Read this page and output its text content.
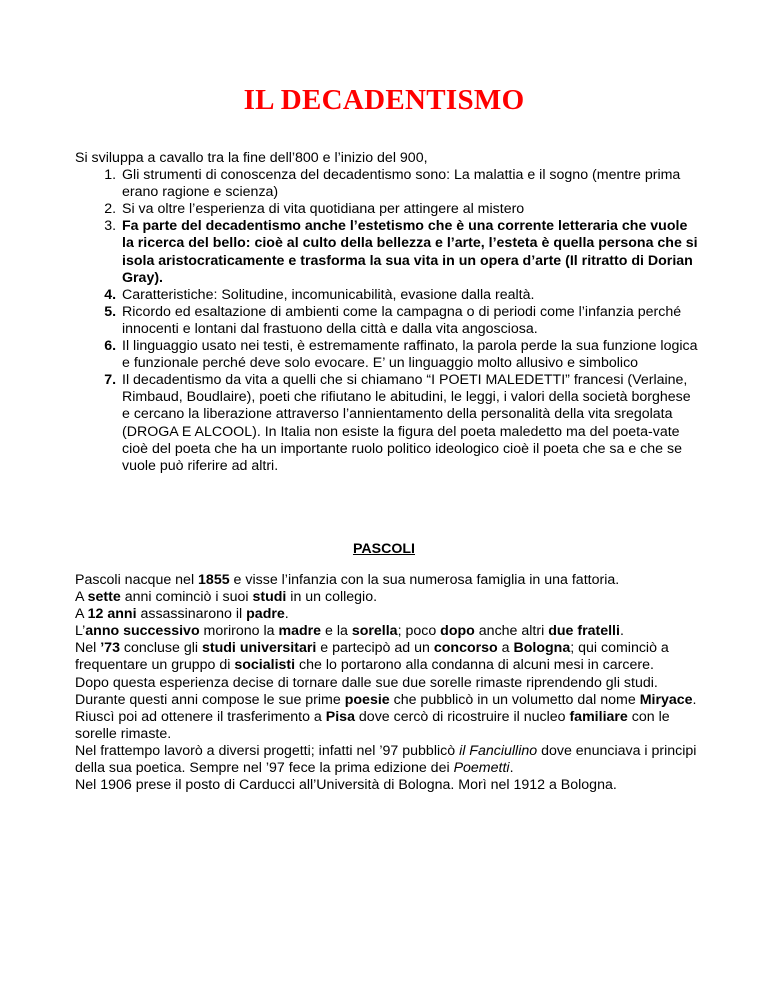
IL DECADENTISMO

Si sviluppa a cavallo tra la fine dell’800 e l’inizio del 900,

1. Gli strumenti di conoscenza del decadentismo sono: La malattia e il sogno (mentre prima erano ragione e scienza)
2. Si va oltre l’esperienza di vita quotidiana per attingere al mistero
3. Fa parte del decadentismo anche l’estetismo che è una corrente letteraria che vuole la ricerca del bello: cioè al culto della bellezza e l’arte, l’esteta è quella persona che si isola aristocraticamente e trasforma la sua vita in un opera d’arte (Il ritratto di Dorian Gray).
4. Caratteristiche: Solitudine, incomunicabilità, evasione dalla realtà.
5. Ricordo ed esaltazione di ambienti come la campagna o di periodi come l’infanzia perché innocenti e lontani dal frastuono della città e dalla vita angosciosa.
6. Il linguaggio usato nei testi, è estremamente raffinato, la parola perde la sua funzione logica e funzionale perché deve solo evocare. E’ un linguaggio molto allusivo e simbolico
7. Il decadentismo da vita a quelli che si chiamano “I POETI MALEDETTI” francesi (Verlaine, Rimbaud, Boudlaire), poeti che rifiutano le abitudini, le leggi, i valori della società borghese e cercano la liberazione attraverso l’annientamento della personalità della vita sregolata (DROGA E ALCOOL). In Italia non esiste la figura del poeta maledetto ma del poeta-vate cioè del poeta che ha un importante ruolo politico ideologico cioè il poeta che sa e che se vuole può riferire ad altri.

PASCOLI

Pascoli nacque nel 1855 e visse l’infanzia con la sua numerosa famiglia in una fattoria.

A sette anni cominciò i suoi studi in un collegio.

A 12 anni assassinarono il padre.

L’anno successivo morirono la madre e la sorella; poco dopo anche altri due fratelli.

Nel ’73 concluse gli studi universitari e partecipò ad un concorso a Bologna; qui cominciò a frequentare un gruppo di socialisti che lo portarono alla condanna di alcuni mesi in carcere.

Dopo questa esperienza decise di tornare dalle sue due sorelle rimaste riprendendo gli studi. Durante questi anni compose le sue prime poesie che pubblicò in un volumetto dal nome Miryace.

Riuscì poi ad ottenere il trasferimento a Pisa dove cercò di ricostruire il nucleo familiare con le sorelle rimaste.

Nel frattempo lavorò a diversi progetti; infatti nel ’97 pubblicò il Fanciullino dove enunciava i principi della sua poetica. Sempre nel ’97 fece la prima edizione dei Poemetti.

Nel 1906 prese il posto di Carducci all’Università di Bologna. Morì nel 1912 a Bologna.
